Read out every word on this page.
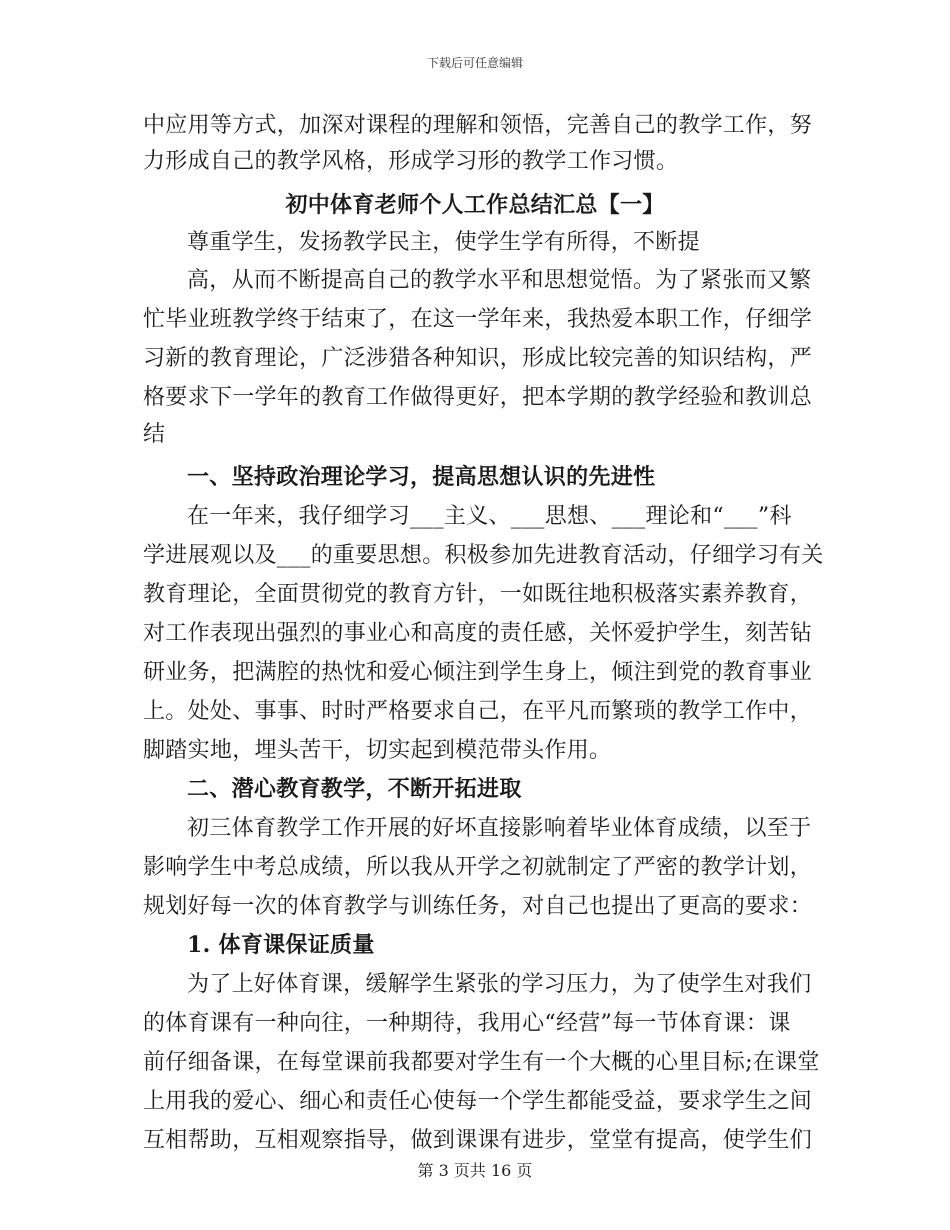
下载后可任意编辑
中应用等方式，加深对课程的理解和领悟，完善自己的教学工作，努
力形成自己的教学风格，形成学习形的教学工作习惯。
初中体育老师个人工作总结汇总【一】
尊重学生，发扬教学民主，使学生学有所得，不断提
高，从而不断提高自己的教学水平和思想觉悟。为了紧张而又繁
忙毕业班教学终于结束了，在这一学年来，我热爱本职工作，仔细学
习新的教育理论，广泛涉猎各种知识，形成比较完善的知识结构，严
格要求下一学年的教育工作做得更好，把本学期的教学经验和教训总
结
一、坚持政治理论学习，提高思想认识的先进性
在一年来，我仔细学习___主义、___思想、___理论和“___”科
学进展观以及___的重要思想。积极参加先进教育活动，仔细学习有关
教育理论，全面贯彻党的教育方针，一如既往地积极落实素养教育，
对工作表现出强烈的事业心和高度的责任感，关怀爱护学生，刻苦钻
研业务，把满腔的热忱和爱心倾注到学生身上，倾注到党的教育事业
上。处处、事事、时时严格要求自己，在平凡而繁琐的教学工作中，
脚踏实地，埋头苦干，切实起到模范带头作用。
二、潜心教育教学，不断开拓进取
初三体育教学工作开展的好坏直接影响着毕业体育成绩，以至于
影响学生中考总成绩，所以我从开学之初就制定了严密的教学计划，
规划好每一次的体育教学与训练任务，对自己也提出了更高的要求：
1. 体育课保证质量
为了上好体育课，缓解学生紧张的学习压力，为了使学生对我们
的体育课有一种向往，一种期待，我用心“经营”每一节体育课：课
前仔细备课，在每堂课前我都要对学生有一个大概的心里目标;在课堂
上用我的爱心、细心和责任心使每一个学生都能受益，要求学生之间
互相帮助，互相观察指导，做到课课有进步，堂堂有提高，使学生们
第 3 页共 16 页
